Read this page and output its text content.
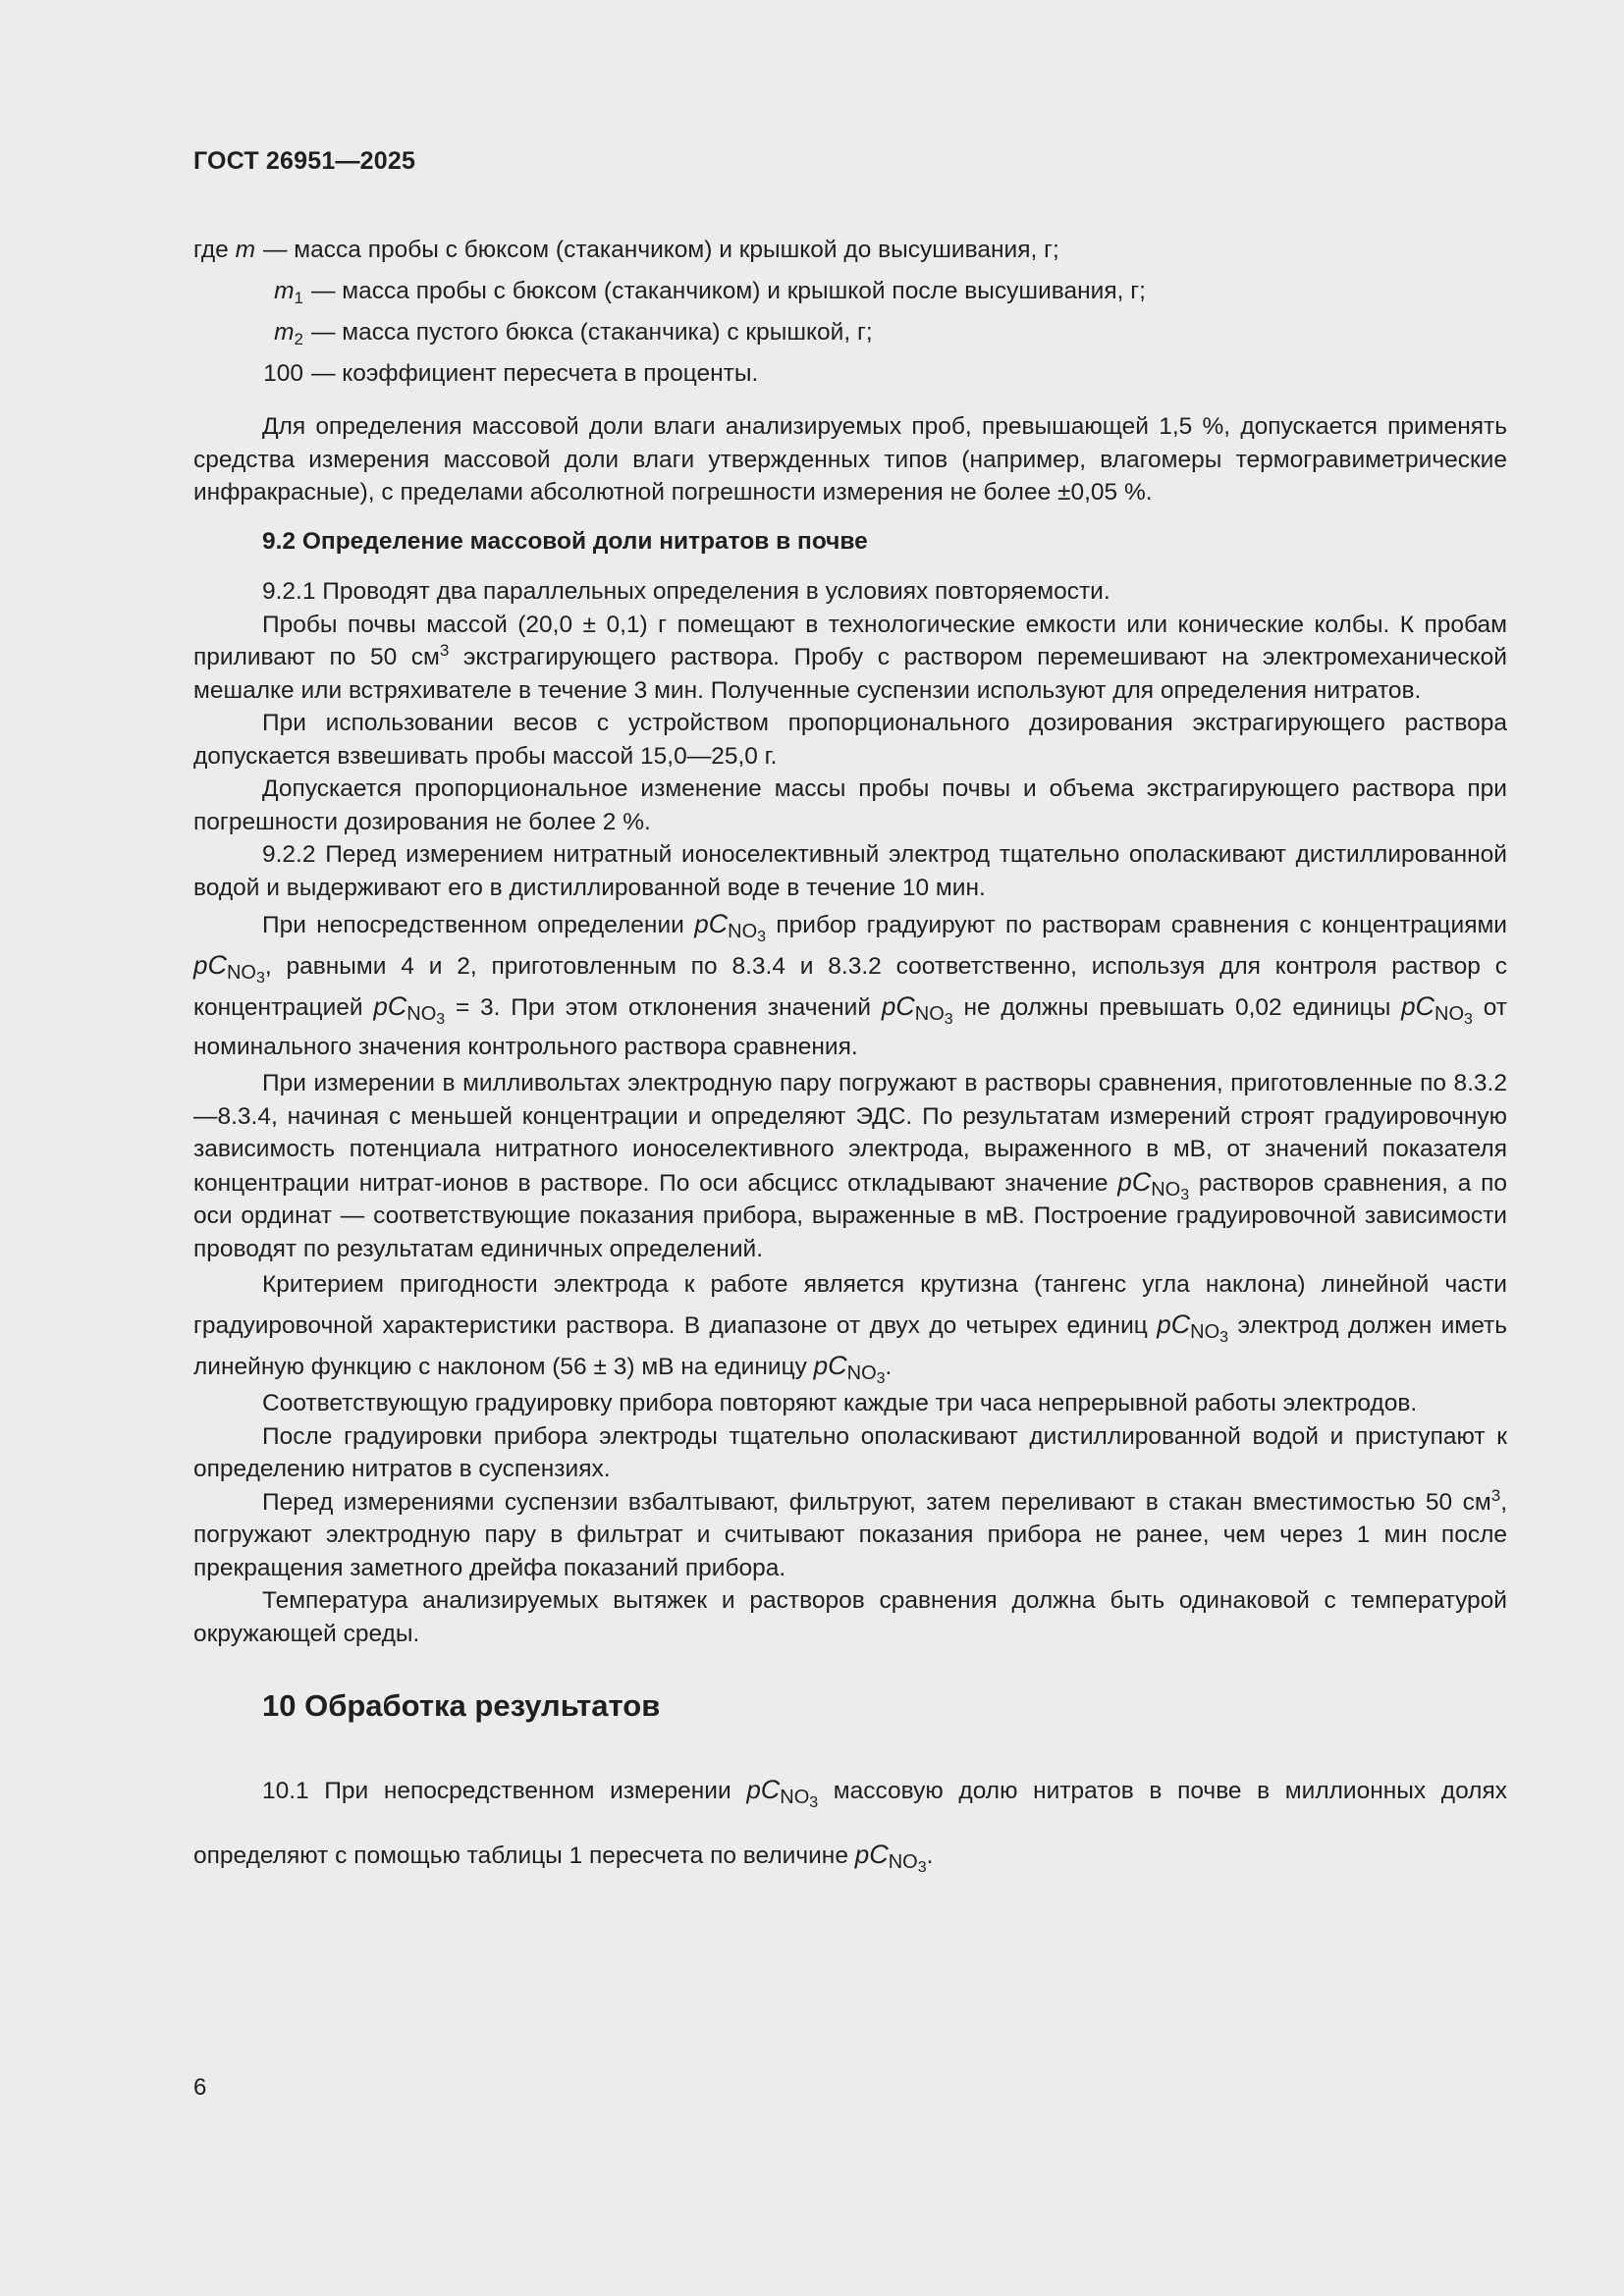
ГОСТ 26951—2025
где
m — масса пробы с бюксом (стаканчиком) и крышкой до высушивания, г;
$m_1$ — масса пробы с бюксом (стаканчиком) и крышкой после высушивания, г;
$m_2$ — масса пустого бюкса (стаканчика) с крышкой, г;
100 — коэффициент пересчета в проценты.

Для определения массовой доли влаги анализируемых проб, превышающей 1,5 %, допускается применять средства измерения массовой доли влаги утвержденных типов (например, влагомеры термогравиметрические инфракрасные), с пределами абсолютной погрешности измерения не более ±0,05 %.

9.2 Определение массовой доли нитратов в почве

9.2.1 Проводят два параллельных определения в условиях повторяемости.

Пробы почвы массой (20,0 ± 0,1) г помещают в технологические емкости или конические колбы. К пробам приливают по 50 $см^3$ экстрагирующего раствора. Пробу с раствором перемешивают на электромеханической мешалке или встряхивателе в течение 3 мин. Полученные суспензии используют для определения нитратов.

При использовании весов с устройством пропорционального дозирования экстрагирующего раствора допускается взвешивать пробы массой 15,0—25,0 г.

Допускается пропорциональное изменение массы пробы почвы и объема экстрагирующего раствора при погрешности дозирования не более 2 %.

9.2.2 Перед измерением нитратный ионоселективный электрод тщательно ополаскивают дистиллированной водой и выдерживают его в дистиллированной воде в течение 10 мин.

При непосредственном определении $pC_{NO_3}$ прибор градуируют по растворам сравнения с концентрациями $pC_{NO_3}$, равными 4 и 2, приготовленным по 8.3.4 и 8.3.2 соответственно, используя для контроля раствор с концентрацией $pC_{NO_3} = 3$. При этом отклонения значений $pC_{NO_3}$ не должны превышать 0,02 единицы $pC_{NO_3}$ от номинального значения контрольного раствора сравнения.

При измерении в милливольтах электродную пару погружают в растворы сравнения, приготовленные по 8.3.2—8.3.4, начиная с меньшей концентрации и определяют ЭДС. По результатам измерений строят градуировочную зависимость потенциала нитратного ионоселективного электрода, выраженного в мВ, от значений показателя концентрации нитрат-ионов в растворе. По оси абсцисс откладывают значение $pC_{NO_3}$ растворов сравнения, а по оси ординат — соответствующие показания прибора, выраженные в мВ. Построение градуировочной зависимости проводят по результатам единичных определений.

Критерием пригодности электрода к работе является крутизна (тангенс угла наклона) линейной части градуировочной характеристики раствора. В диапазоне от двух до четырех единиц $pC_{NO_3}$ электрод должен иметь линейную функцию с наклоном (56 ± 3) мВ на единицу $pC_{NO_3}$.

Соответствующую градуировку прибора повторяют каждые три часа непрерывной работы электродов.

После градуировки прибора электроды тщательно ополаскивают дистиллированной водой и приступают к определению нитратов в суспензиях.

Перед измерениями суспензии взбалтывают, фильтруют, затем переливают в стакан вместимостью 50 $см^3$, погружают электродную пару в фильтрат и считывают показания прибора не ранее, чем через 1 мин после прекращения заметного дрейфа показаний прибора.

Температура анализируемых вытяжек и растворов сравнения должна быть одинаковой с температурой окружающей среды.

10 Обработка результатов

10.1 При непосредственном измерении $pC_{NO_3}$ массовую долю нитратов в почве в миллионных долях определяют с помощью таблицы 1 пересчета по величине $pC_{NO_3}$.

6
